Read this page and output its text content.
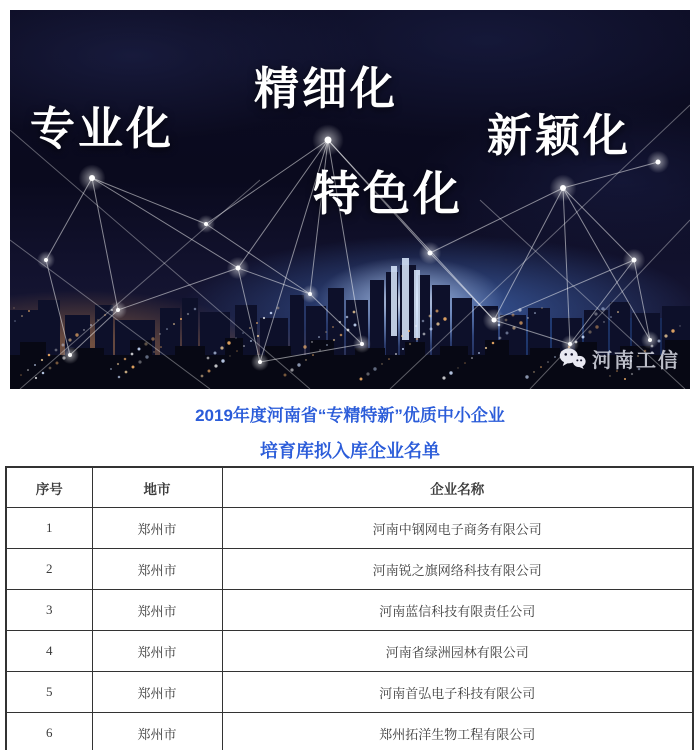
专业化
精细化
特色化
新颖化
河南工信
2019年度河南省“专精特新”优质中小企业
培育库拟入库企业名单
序号	地市	企业名称
1	郑州市	河南中钢网电子商务有限公司
2	郑州市	河南锐之旗网络科技有限公司
3	郑州市	河南蓝信科技有限责任公司
4	郑州市	河南省绿洲园林有限公司
5	郑州市	河南首弘电子科技有限公司
6	郑州市	郑州拓洋生物工程有限公司
